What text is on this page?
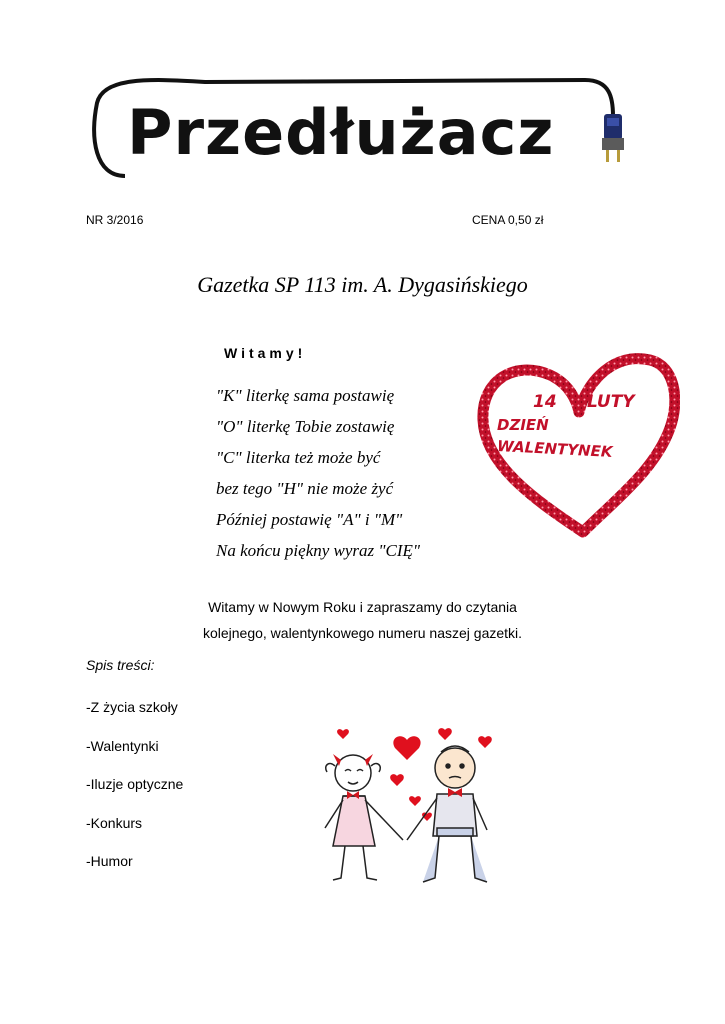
Przedłużacz
NR 3/2016	CENA 0,50 zł
Gazetka SP 113 im. A. Dygasińskiego
Witamy!
"K" literkę sama postawię
"O" literkę Tobie zostawię
"C" literka też może być
bez tego "H" nie może żyć
Później postawię "A" i "M"
Na końcu piękny wyraz "CIĘ"
14 LUTY
DZIEŃ
WALENTYNEK
Witamy w Nowym Roku i zapraszamy do czytania
kolejnego, walentynkowego numeru naszej gazetki.
Spis treści:
-Z życia szkoły
-Walentynki
-Iluzje optyczne
-Konkurs
-Humor
